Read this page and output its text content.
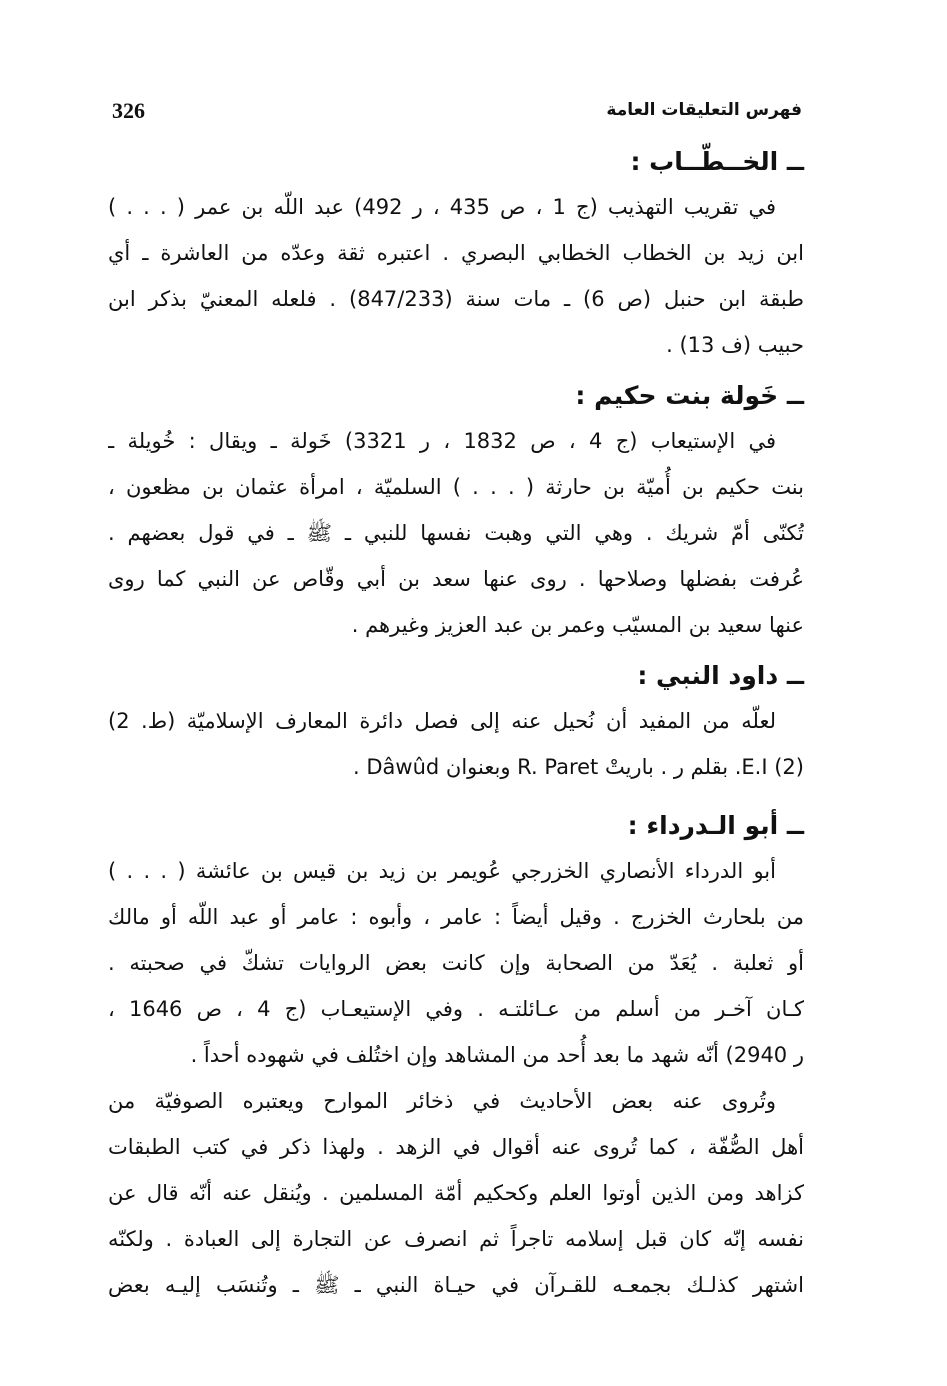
326	فهرس التعليقات العامة
ــ الخــطّــاب :
في تقريب التهذيب (ج 1 ، ص 435 ، ر 492) عبد اللّه بن عمر ( . . . )
ابن زيد بن الخطاب الخطابي البصري . اعتبره ثقة وعدّه من العاشرة ـ أي
طبقة ابن حنبل (ص 6) ـ مات سنة (847/233) . فلعله المعنيّ بذكر ابن
حبيب (ف 13) .
ــ خَولة بنت حكيم :
في الإستيعاب (ج 4 ، ص 1832 ، ر 3321) خَولة ـ ويقال : خُويلة ـ
بنت حكيم بن أُميّة بن حارثة ( . . . ) السلميّة ، امرأة عثمان بن مظعون ،
تُكنّى أمّ شريك . وهي التي وهبت نفسها للنبي ـ ﷺ ـ في قول بعضهم .
عُرفت بفضلها وصلاحها . روى عنها سعد بن أبي وقّاص عن النبي كما روى
عنها سعيد بن المسيّب وعمر بن عبد العزيز وغيرهم .
ــ داود النبي :
لعلّه من المفيد أن نُحيل عنه إلى فصل دائرة المعارف الإسلاميّة (ط. 2)
(2) E.I. بقلم ر . باريتْ R. Paret وبعنوان Dâwûd .
ــ أبو الـدرداء :
أبو الدرداء الأنصاري الخزرجي عُويمر بن زيد بن قيس بن عائشة ( . . . )
من بلحارث الخزرج . وقيل أيضاً : عامر ، وأبوه : عامر أو عبد اللّه أو مالك
أو ثعلبة . يُعَدّ من الصحابة وإن كانت بعض الروايات تشكّ في صحبته .
كـان آخـر من أسلم من عـائلتـه . وفي الإستيعـاب (ج 4 ، ص 1646 ،
ر 2940) أنّه شهد ما بعد أُحد من المشاهد وإن اختُلف في شهوده أحداً .
وتُروى عنه بعض الأحاديث في ذخائر الموارح ويعتبره الصوفيّة من
أهل الصُّفّة ، كما تُروى عنه أقوال في الزهد . ولهذا ذكر في كتب الطبقات
كزاهد ومن الذين أوتوا العلم وكحكيم أمّة المسلمين . ويُنقل عنه أنّه قال عن
نفسه إنّه كان قبل إسلامه تاجراً ثم انصرف عن التجارة إلى العبادة . ولكنّه
اشتهر كذلـك بجمعـه للقـرآن في حيـاة النبي ـ ﷺ ـ وتُنسَب إليـه بعض
